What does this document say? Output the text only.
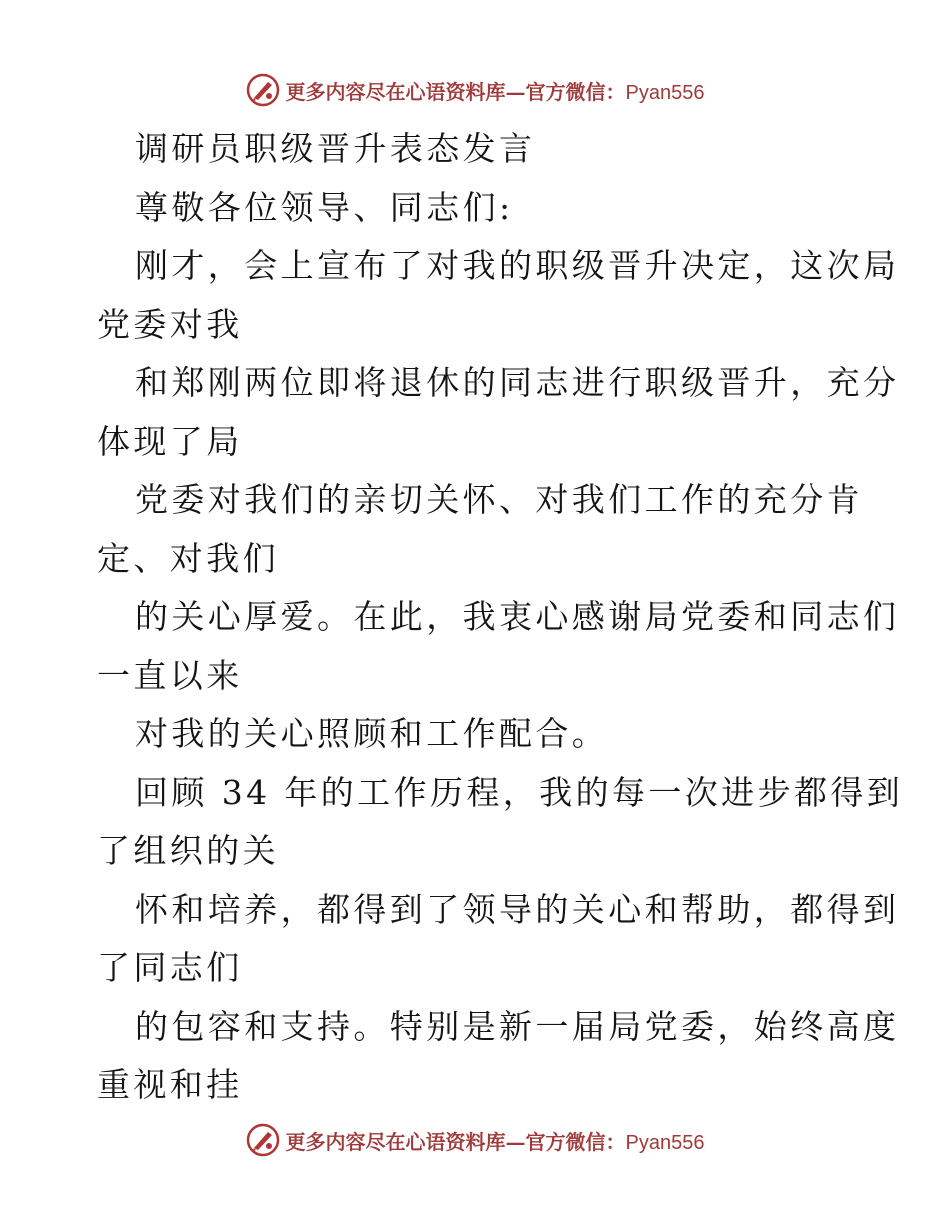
更多内容尽在心语资料库—官方微信：Pyan556
调研员职级晋升表态发言
尊敬各位领导、同志们:
刚才，会上宣布了对我的职级晋升决定，这次局
党委对我
和郑刚两位即将退休的同志进行职级晋升，充分
体现了局
党委对我们的亲切关怀、对我们工作的充分肯
定、对我们
的关心厚爱。在此，我衷心感谢局党委和同志们
一直以来
对我的关心照顾和工作配合。
回顾 34 年的工作历程，我的每一次进步都得到
了组织的关
怀和培养，都得到了领导的关心和帮助，都得到
了同志们
的包容和支持。特别是新一届局党委，始终高度
重视和挂
更多内容尽在心语资料库—官方微信：Pyan556
